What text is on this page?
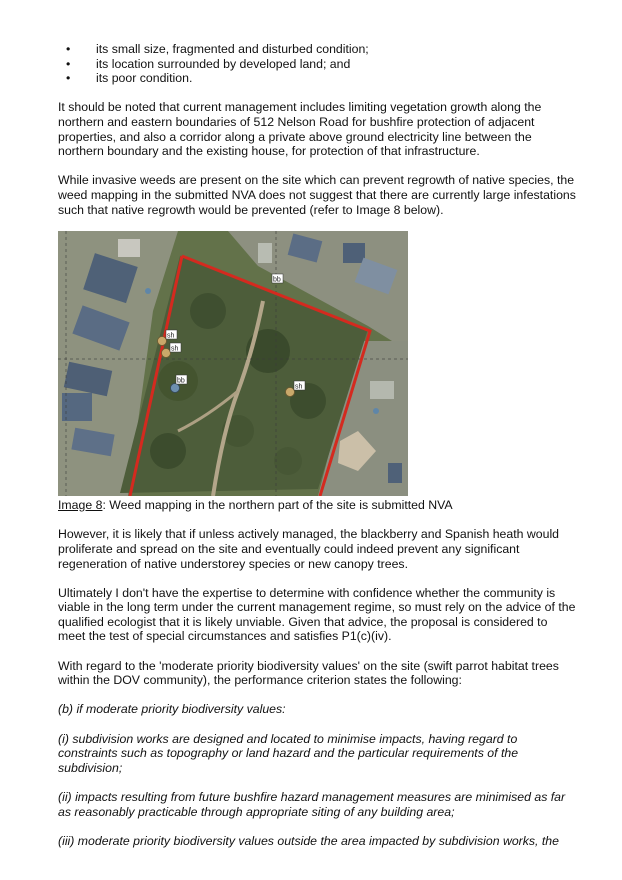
• its small size, fragmented and disturbed condition;
• its location surrounded by developed land; and
• its poor condition.

It should be noted that current management includes limiting vegetation growth along the northern and eastern boundaries of 512 Nelson Road for bushfire protection of adjacent properties, and also a corridor along a private above ground electricity line between the northern boundary and the existing house, for protection of that infrastructure.

While invasive weeds are present on the site which can prevent regrowth of native species, the weed mapping in the submitted NVA does not suggest that there are currently large infestations such that native regrowth would be prevented (refer to Image 8 below).

bb
sh
sh
bb
sh

Image 8: Weed mapping in the northern part of the site is submitted NVA

However, it is likely that if unless actively managed, the blackberry and Spanish heath would proliferate and spread on the site and eventually could indeed prevent any significant regeneration of native understorey species or new canopy trees.

Ultimately I don't have the expertise to determine with confidence whether the community is viable in the long term under the current management regime, so must rely on the advice of the qualified ecologist that it is likely unviable. Given that advice, the proposal is considered to meet the test of special circumstances and satisfies P1(c)(iv).

With regard to the 'moderate priority biodiversity values' on the site (swift parrot habitat trees within the DOV community), the performance criterion states the following:

(b) if moderate priority biodiversity values:

(i) subdivision works are designed and located to minimise impacts, having regard to constraints such as topography or land hazard and the particular requirements of the subdivision;

(ii) impacts resulting from future bushfire hazard management measures are minimised as far as reasonably practicable through appropriate siting of any building area;

(iii) moderate priority biodiversity values outside the area impacted by subdivision works, the
